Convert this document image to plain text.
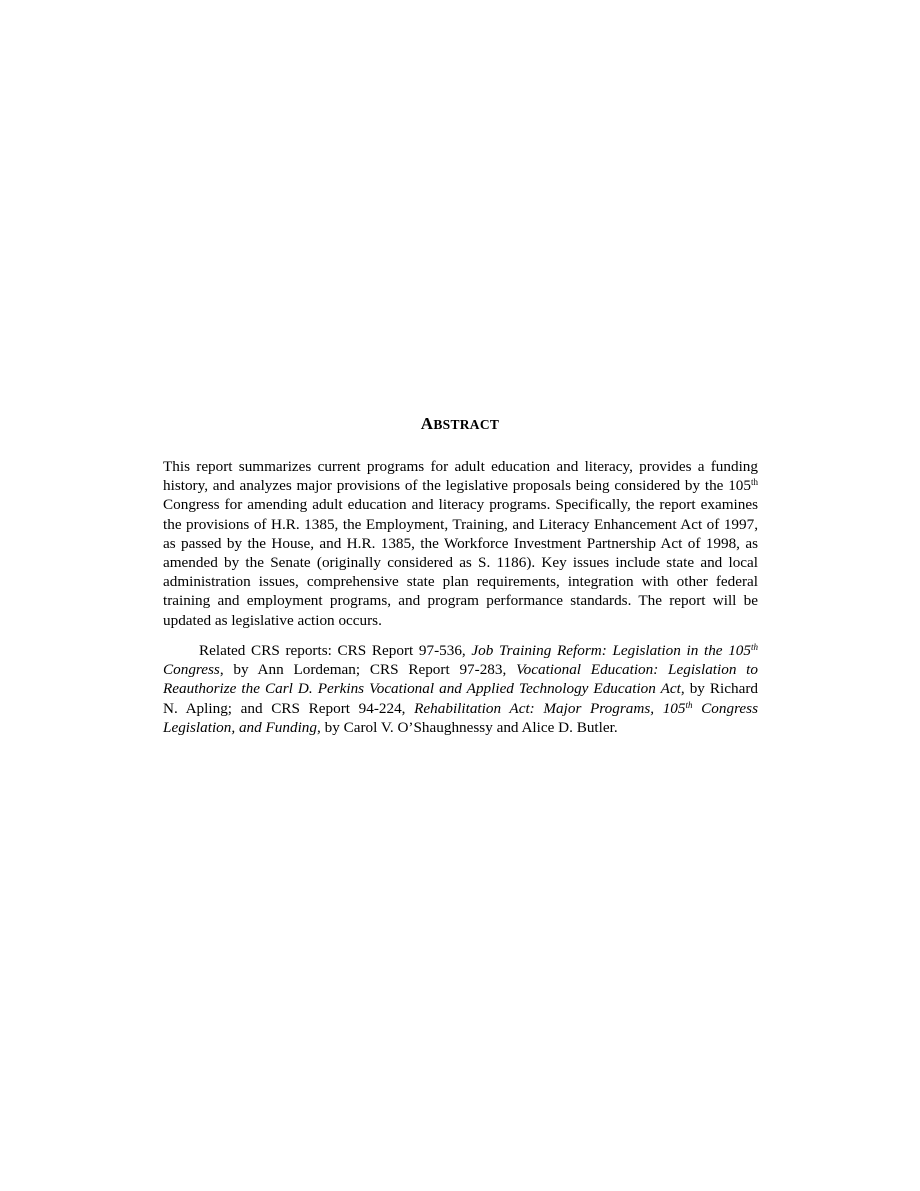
ABSTRACT

This report summarizes current programs for adult education and literacy, provides a funding history, and analyzes major provisions of the legislative proposals being considered by the 105th Congress for amending adult education and literacy programs. Specifically, the report examines the provisions of H.R. 1385, the Employment, Training, and Literacy Enhancement Act of 1997, as passed by the House, and H.R. 1385, the Workforce Investment Partnership Act of 1998, as amended by the Senate (originally considered as S. 1186). Key issues include state and local administration issues, comprehensive state plan requirements, integration with other federal training and employment programs, and program performance standards. The report will be updated as legislative action occurs.

Related CRS reports: CRS Report 97-536, Job Training Reform: Legislation in the 105th Congress, by Ann Lordeman; CRS Report 97-283, Vocational Education: Legislation to Reauthorize the Carl D. Perkins Vocational and Applied Technology Education Act, by Richard N. Apling; and CRS Report 94-224, Rehabilitation Act: Major Programs, 105th Congress Legislation, and Funding, by Carol V. O’Shaughnessy and Alice D. Butler.
